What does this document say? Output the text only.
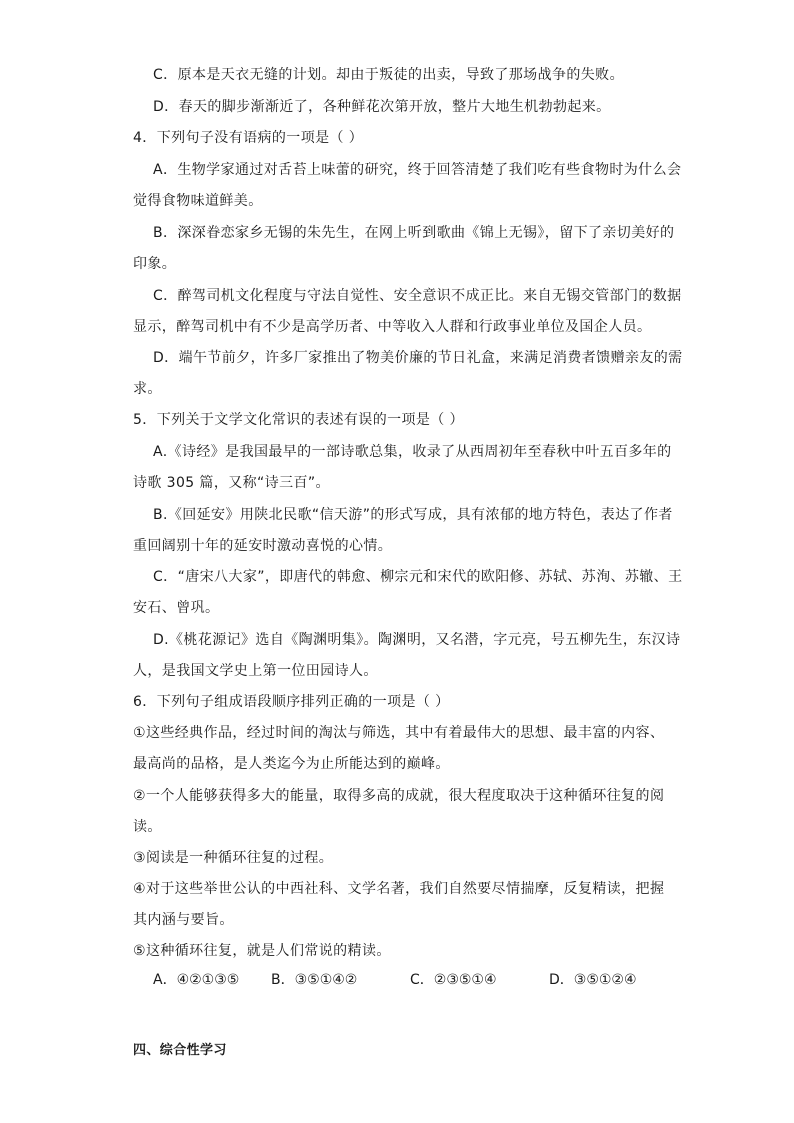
C．原本是天衣无缝的计划。却由于叛徒的出卖，导致了那场战争的失败。
D．春天的脚步渐渐近了，各种鲜花次第开放，整片大地生机勃勃起来。
4．下列句子没有语病的一项是（ ）
A．生物学家通过对舌苔上味蕾的研究，终于回答清楚了我们吃有些食物时为什么会
觉得食物味道鲜美。
B．深深眷恋家乡无锡的朱先生，在网上听到歌曲《锦上无锡》，留下了亲切美好的
印象。
C．醉驾司机文化程度与守法自觉性、安全意识不成正比。来自无锡交管部门的数据
显示，醉驾司机中有不少是高学历者、中等收入人群和行政事业单位及国企人员。
D．端午节前夕，许多厂家推出了物美价廉的节日礼盒，来满足消费者馈赠亲友的需
求。
5．下列关于文学文化常识的表述有误的一项是（ ）
A.《诗经》是我国最早的一部诗歌总集，收录了从西周初年至春秋中叶五百多年的
诗歌 305 篇，又称“诗三百”。
B.《回延安》用陕北民歌“信天游”的形式写成，具有浓郁的地方特色，表达了作者
重回阔别十年的延安时激动喜悦的心情。
C．“唐宋八大家”，即唐代的韩愈、柳宗元和宋代的欧阳修、苏轼、苏洵、苏辙、王
安石、曾巩。
D.《桃花源记》选自《陶渊明集》。陶渊明，又名潜，字元亮，号五柳先生，东汉诗
人，是我国文学史上第一位田园诗人。
6．下列句子组成语段顺序排列正确的一项是（ ）
①这些经典作品，经过时间的淘汰与筛选，其中有着最伟大的思想、最丰富的内容、
最高尚的品格，是人类迄今为止所能达到的巅峰。
②一个人能够获得多大的能量，取得多高的成就，很大程度取决于这种循环往复的阅
读。
③阅读是一种循环往复的过程。
④对于这些举世公认的中西社科、文学名著，我们自然要尽情揣摩，反复精读，把握
其内涵与要旨。
⑤这种循环往复，就是人们常说的精读。
A．④②①③⑤ B．③⑤①④②	C．②③⑤①④	D．③⑤①②④
四、综合性学习
